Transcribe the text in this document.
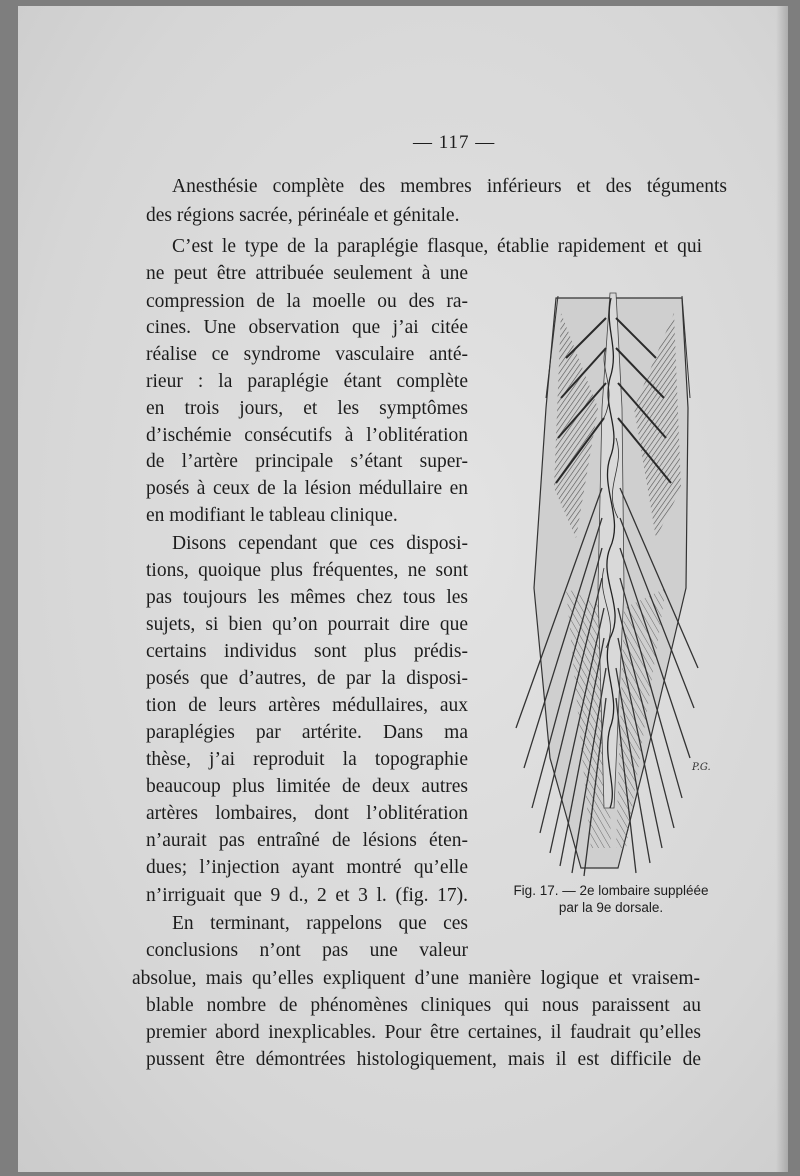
— 117 —
Anesthésie complète des membres inférieurs et des téguments
des régions sacrée, périnéale et génitale.
C’est le type de la paraplégie flasque, établie rapidement et qui
ne peut être attribuée seulement à une
compression de la moelle ou des ra-
cines. Une observation que j’ai citée
réalise ce syndrome vasculaire anté-
rieur : la paraplégie étant complète
en trois jours, et les symptômes
d’ischémie consécutifs à l’oblitération
de l’artère principale s’étant super-
posés à ceux de la lésion médullaire en
en modifiant le tableau clinique.
Disons cependant que ces disposi-
tions, quoique plus fréquentes, ne sont
pas toujours les mêmes chez tous les
sujets, si bien qu’on pourrait dire que
certains individus sont plus prédis-
posés que d’autres, de par la disposi-
tion de leurs artères médullaires, aux
paraplégies par artérite. Dans ma
thèse, j’ai reproduit la topographie
beaucoup plus limitée de deux autres
artères lombaires, dont l’oblitération
n’aurait pas entraîné de lésions éten-
dues; l’injection ayant montré qu’elle
n’irriguait que 9 d., 2 et 3 l. (fig. 17).
En terminant, rappelons que ces
conclusions n’ont pas une valeur
absolue, mais qu’elles expliquent d’une manière logique et vraisem-
blable nombre de phénomènes cliniques qui nous paraissent au
premier abord inexplicables. Pour être certaines, il faudrait qu’elles
pussent être démontrées histologiquement, mais il est difficile de
P.G.
Fig. 17. — 2e lombaire suppléée
par la 9e dorsale.
